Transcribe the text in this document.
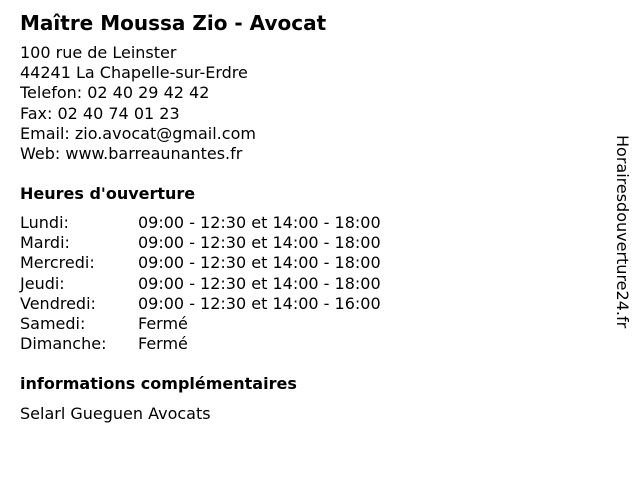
Maître Moussa Zio - Avocat
100 rue de Leinster
44241 La Chapelle-sur-Erdre
Telefon: 02 40 29 42 42
Fax: 02 40 74 01 23
Email: zio.avocat@gmail.com
Web: www.barreaunantes.fr
Heures d'ouverture
Lundi:	09:00 - 12:30 et 14:00 - 18:00
Mardi:	09:00 - 12:30 et 14:00 - 18:00
Mercredi:	09:00 - 12:30 et 14:00 - 18:00
Jeudi:	09:00 - 12:30 et 14:00 - 18:00
Vendredi:	09:00 - 12:30 et 14:00 - 16:00
Samedi:	Fermé
Dimanche: Fermé
informations complémentaires
Selarl Gueguen Avocats
Horairesdouverture24.fr
